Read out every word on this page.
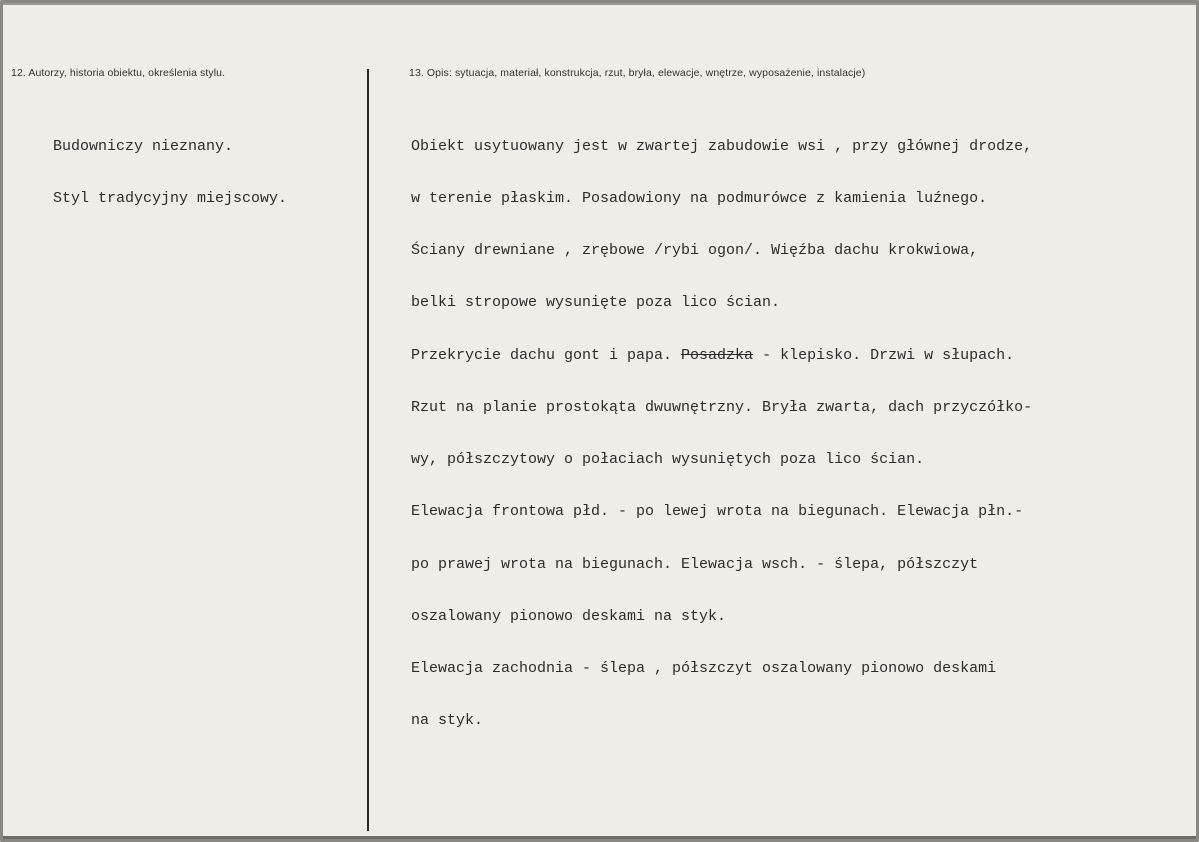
12. Autorzy, historia obiektu, określenia stylu.	13. Opis: sytuacja, materiał, konstrukcja, rzut, bryła, elewacje, wnętrze, wyposażenie, instalacje)

Budowniczy nieznany.

Styl tradycyjny miejscowy.

Obiekt usytuowany jest w zwartej zabudowie wsi , przy głównej drodze,

w terenie płaskim. Posadowiony na podmurówce z kamienia luźnego.

Ściany drewniane , zrębowe /rybi ogon/. Więźba dachu krokwiowa,

belki stropowe wysunięte poza lico ścian.

Przekrycie dachu gont i papa. Posadzka - klepisko. Drzwi w słupach.

Rzut na planie prostokąta dwuwnętrzny. Bryła zwarta, dach przyczółko-

wy, półszczytowy o połaciach wysuniętych poza lico ścian.

Elewacja frontowa płd. - po lewej wrota na biegunach. Elewacja płn.-

po prawej wrota na biegunach. Elewacja wsch. - ślepa, półszczyt

oszalowany pionowo deskami na styk.

Elewacja zachodnia - ślepa , półszczyt oszalowany pionowo deskami

na styk.
